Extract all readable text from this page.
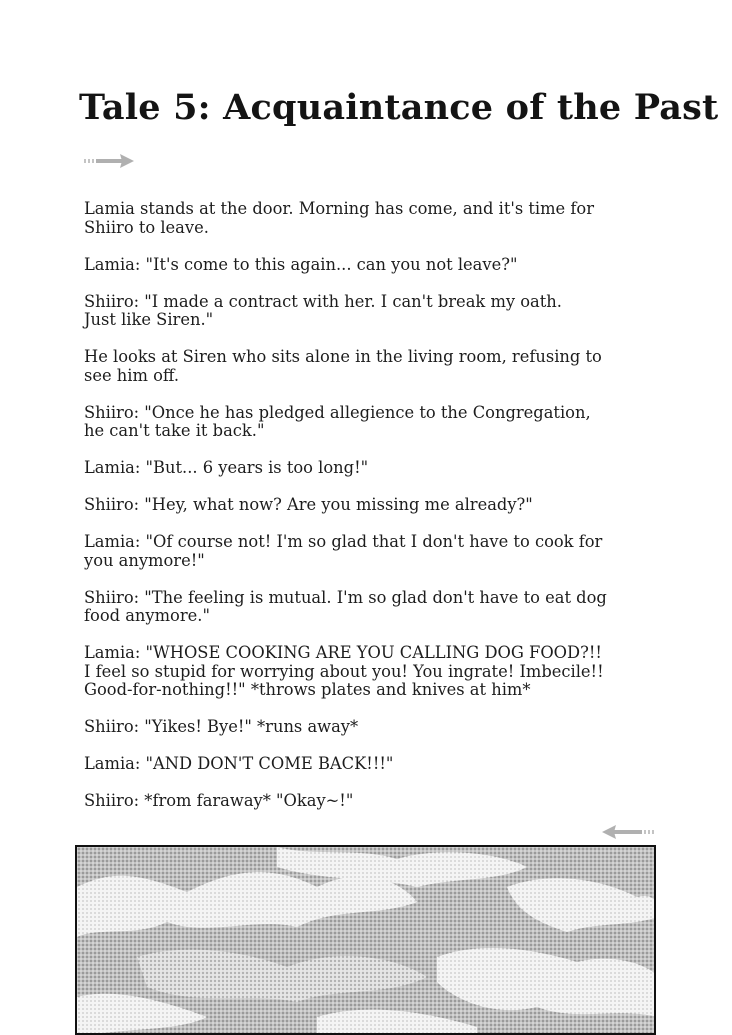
Tale 5: Acquaintance of the Past

Lamia stands at the door. Morning has come, and it's time for
Shiiro to leave.

Lamia: "It's come to this again... can you not leave?"

Shiiro: "I made a contract with her. I can't break my oath.
Just like Siren."

He looks at Siren who sits alone in the living room, refusing to
see him off.

Shiiro: "Once he has pledged allegience to the Congregation,
he can't take it back."

Lamia: "But... 6 years is too long!"

Shiiro: "Hey, what now? Are you missing me already?"

Lamia: "Of course not! I'm so glad that I don't have to cook for
you anymore!"

Shiiro: "The feeling is mutual. I'm so glad don't have to eat dog
food anymore."

Lamia: "WHOSE COOKING ARE YOU CALLING DOG FOOD?!!
I feel so stupid for worrying about you! You ingrate! Imbecile!!
Good-for-nothing!!" *throws plates and knives at him*

Shiiro: "Yikes! Bye!" *runs away*

Lamia: "AND DON'T COME BACK!!!"

Shiiro: *from faraway* "Okay~!"
